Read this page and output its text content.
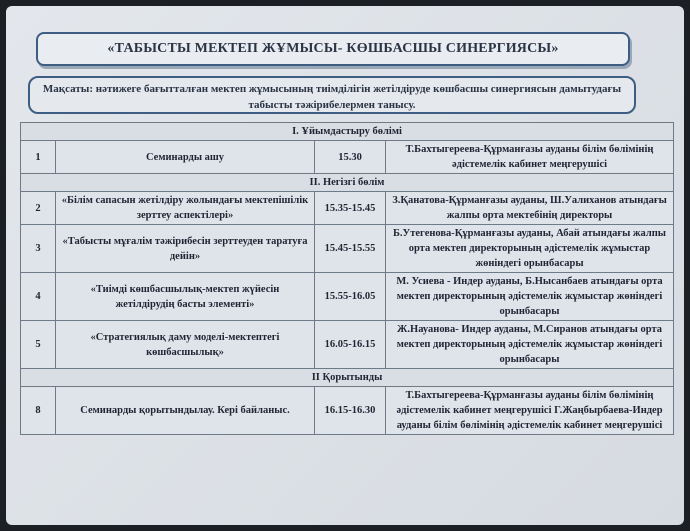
«ТАБЫСТЫ МЕКТЕП ЖҰМЫСЫ- КӨШБАСШЫ СИНЕРГИЯСЫ»
Мақсаты: нәтижеге бағытталған мектеп жұмысының тиімділігін жетілдіруде көшбасшы синергиясын дамытудағы табысты тәжірибелермен танысу.
I. Ұйымдастыру бөлімі			
1	Семинарды ашу	15.30	Т.Бахтыгереева-Құрманғазы ауданы білім бөлімінің әдістемелік кабинет меңгерушісі
II. Негізгі бөлім			
2	«Білім сапасын жетілдіру жолындағы мектепішілік зерттеу аспектілері»	15.35-15.45	З.Қанатова-Құрманғазы ауданы, Ш.Уалиханов атындағы жалпы орта мектебінің директоры
3	«Табысты мұғалім тәжірибесін зерттеуден таратуға дейін»	15.45-15.55	Б.Утегенова-Құрманғазы ауданы, Абай атындағы жалпы орта мектеп директорының әдістемелік жұмыстар жөніндегі орынбасары
4	«Тиімді көшбасшылық-мектеп жүйесін жетілдірудің басты элементі»	15.55-16.05	М. Усиева - Индер ауданы, Б.Нысанбаев атындағы орта мектеп директорының әдістемелік жұмыстар жөніндегі орынбасары
5	«Стратегиялық даму моделі-мектептегі көшбасшылық»	16.05-16.15	Ж.Науанова- Индер ауданы, М.Сиранов атындағы орта мектеп директорының әдістемелік жұмыстар жөніндегі орынбасары
II Қорытынды			
8	Семинарды қорытындылау. Кері байланыс.	16.15-16.30	Т.Бахтыгереева-Құрманғазы ауданы білім бөлімінің әдістемелік кабинет меңгерушісі Г.Жаңбырбаева-Индер ауданы білім бөлімінің әдістемелік кабинет меңгерушісі
